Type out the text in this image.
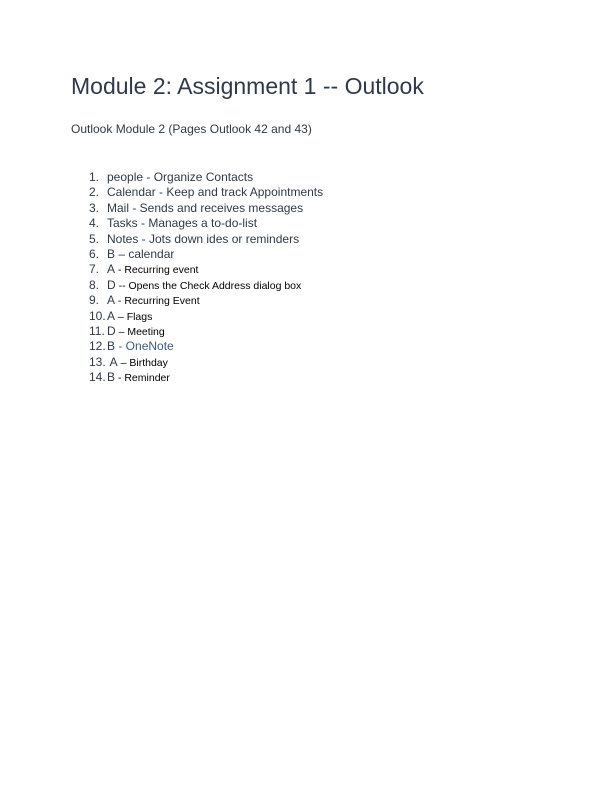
Module 2: Assignment 1 -- Outlook

Outlook Module 2 (Pages Outlook 42 and 43)

1. people - Organize Contacts
2. Calendar - Keep and track Appointments
3. Mail - Sends and receives messages
4. Tasks - Manages a to-do-list
5. Notes - Jots down ides or reminders
6. B – calendar
7. A - Recurring event
8. D -- Opens the Check Address dialog box
9. A - Recurring Event
10.A – Flags
11. D – Meeting
12.B - OneNote
13. A – Birthday
14.B - Reminder
